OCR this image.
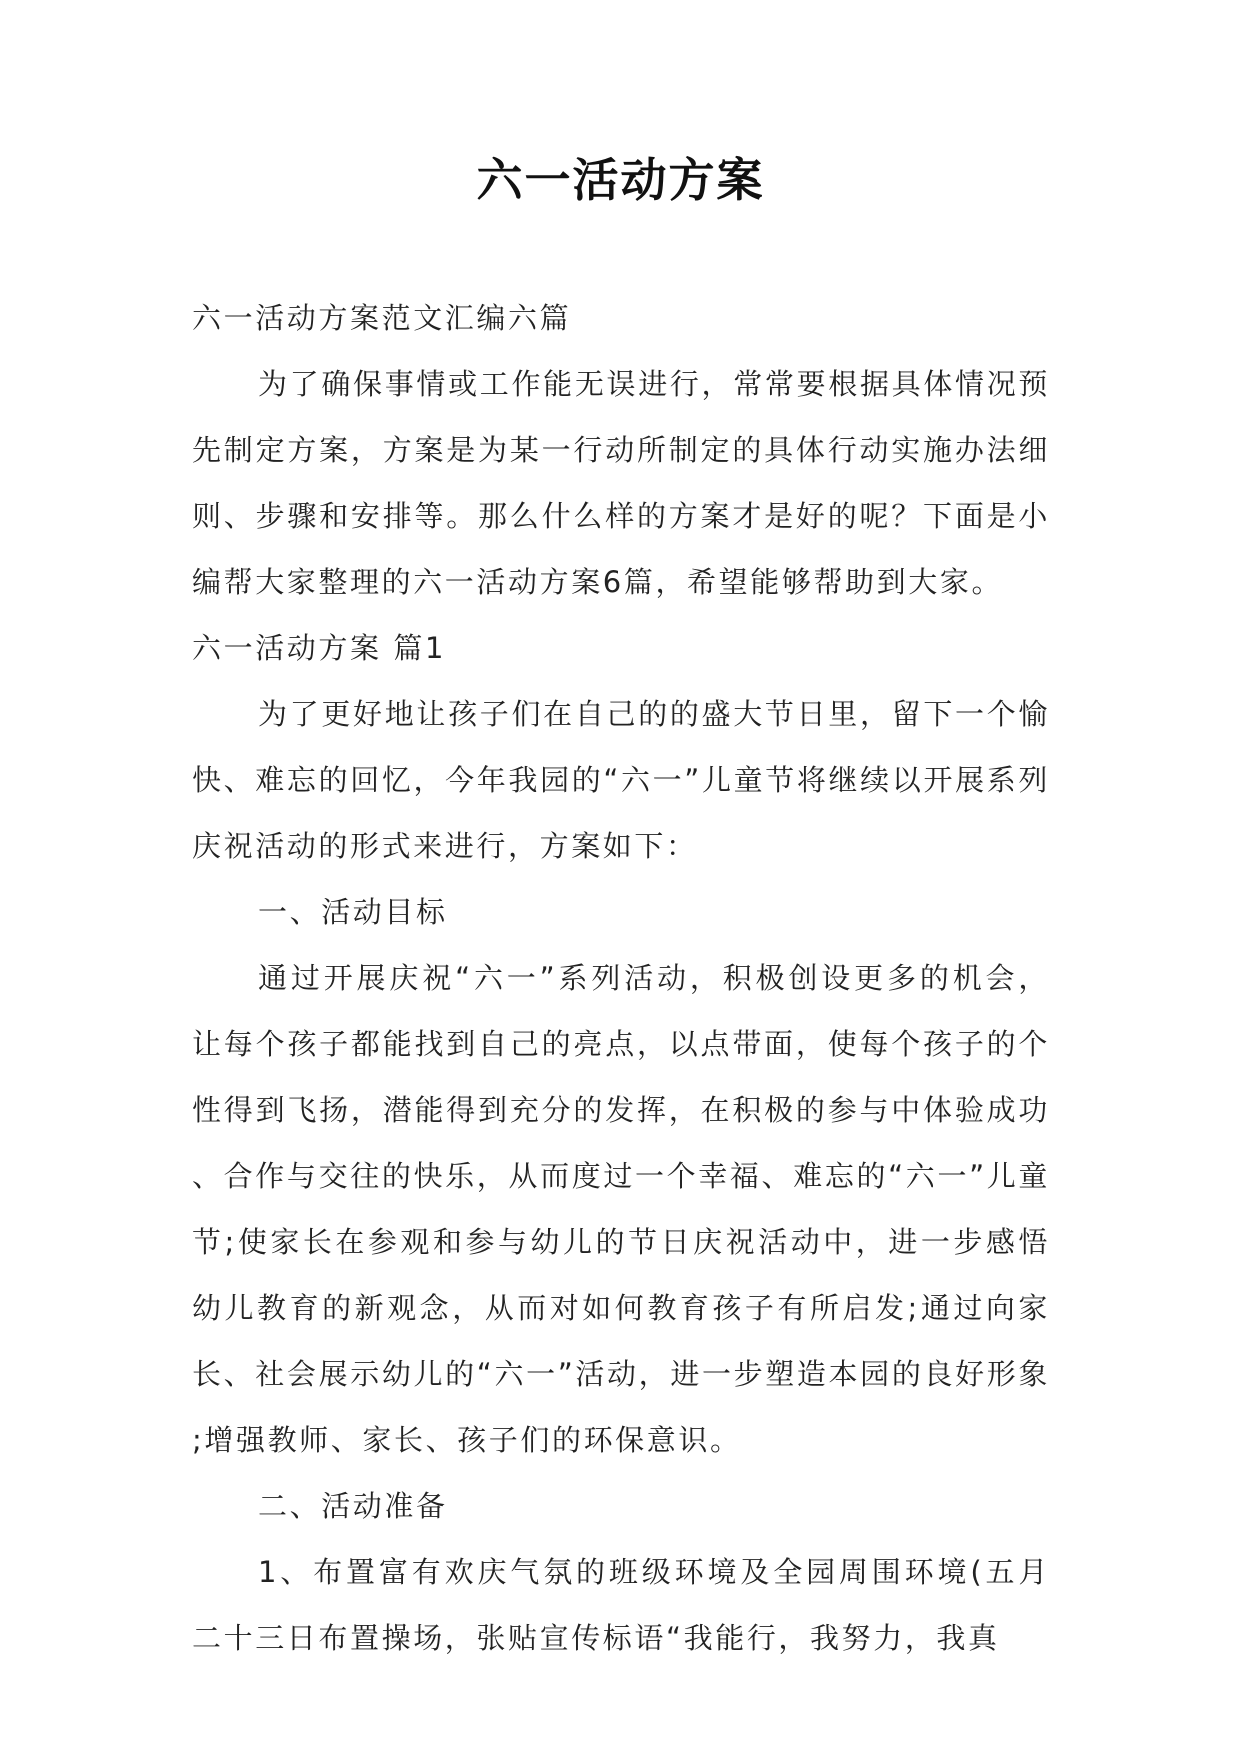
六一活动方案

六一活动方案范文汇编六篇

为了确保事情或工作能无误进行，常常要根据具体情况预先制定方案，方案是为某一行动所制定的具体行动实施办法细则、步骤和安排等。那么什么样的方案才是好的呢？下面是小编帮大家整理的六一活动方案6篇，希望能够帮助到大家。

六一活动方案 篇1

为了更好地让孩子们在自己的的盛大节日里，留下一个愉快、难忘的回忆，今年我园的“六一”儿童节将继续以开展系列庆祝活动的形式来进行，方案如下：

一、活动目标

通过开展庆祝“六一”系列活动，积极创设更多的机会，让每个孩子都能找到自己的亮点，以点带面，使每个孩子的个性得到飞扬，潜能得到充分的发挥，在积极的参与中体验成功、合作与交往的快乐，从而度过一个幸福、难忘的“六一”儿童节;使家长在参观和参与幼儿的节日庆祝活动中，进一步感悟幼儿教育的新观念，从而对如何教育孩子有所启发;通过向家长、社会展示幼儿的“六一”活动，进一步塑造本园的良好形象;增强教师、家长、孩子们的环保意识。

二、活动准备

1、布置富有欢庆气氛的班级环境及全园周围环境(五月二十三日布置操场，张贴宣传标语“我能行，我努力，我真
